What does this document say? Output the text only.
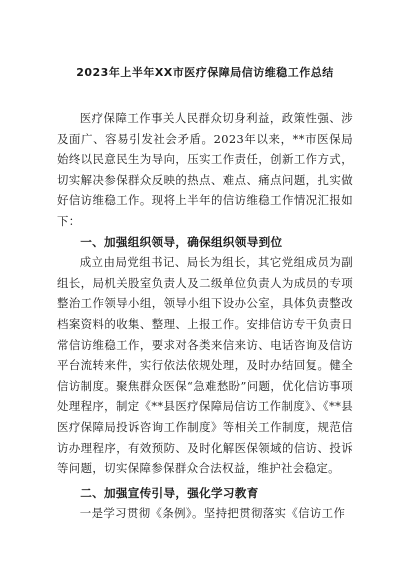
2023年上半年XX市医疗保障局信访维稳工作总结

医疗保障工作事关人民群众切身利益，政策性强、涉及面广、容易引发社会矛盾。2023年以来，**市医保局始终以民意民生为导向，压实工作责任，创新工作方式，切实解决参保群众反映的热点、难点、痛点问题，扎实做好信访维稳工作。现将上半年的信访维稳工作情况汇报如下：

一、加强组织领导，确保组织领导到位

成立由局党组书记、局长为组长，其它党组成员为副组长，局机关股室负责人及二级单位负责人为成员的专项整治工作领导小组，领导小组下设办公室，具体负责整改档案资料的收集、整理、上报工作。安排信访专干负责日常信访维稳工作，要求对各类来信来访、电话咨询及信访平台流转来件，实行依法依规处理，及时办结回复。健全信访制度。聚焦群众医保“急难愁盼”问题，优化信访事项处理程序，制定《**县医疗保障局信访工作制度》、《**县医疗保障局投诉咨询工作制度》等相关工作制度，规范信访办理程序，有效预防、及时化解医保领域的信访、投诉等问题，切实保障参保群众合法权益，维护社会稳定。

二、加强宣传引导，强化学习教育

一是学习贯彻《条例》。坚持把贯彻落实《信访工作
